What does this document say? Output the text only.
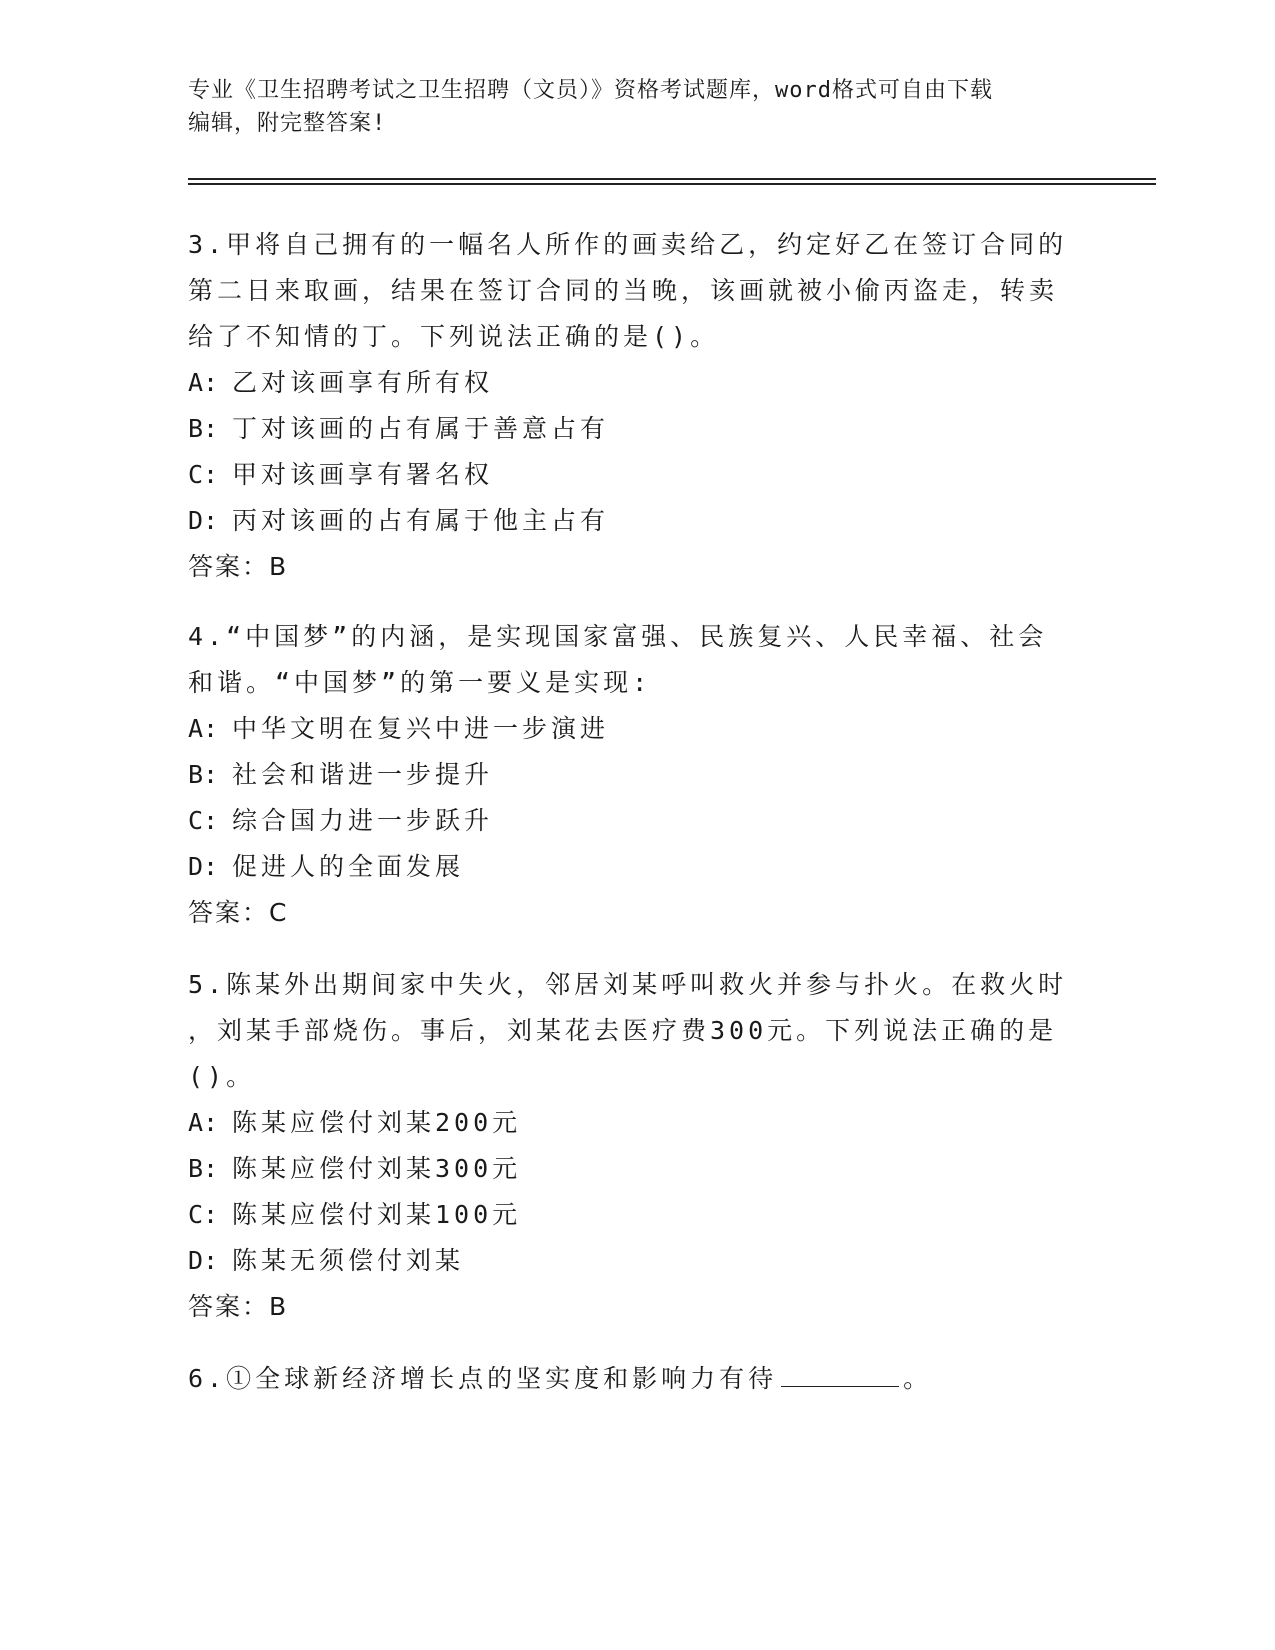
专业《卫生招聘考试之卫生招聘（文员）》资格考试题库，word格式可自由下载
编辑，附完整答案!

3.甲将自己拥有的一幅名人所作的画卖给乙，约定好乙在签订合同的

第二日来取画，结果在签订合同的当晚，该画就被小偷丙盗走，转卖

给了不知情的丁。下列说法正确的是()。

A: 乙对该画享有所有权

B: 丁对该画的占有属于善意占有

C: 甲对该画享有署名权

D: 丙对该画的占有属于他主占有

答案：B

4.“中国梦”的内涵，是实现国家富强、民族复兴、人民幸福、社会

和谐。“中国梦”的第一要义是实现:

A: 中华文明在复兴中进一步演进

B: 社会和谐进一步提升

C: 综合国力进一步跃升

D: 促进人的全面发展

答案：C

5.陈某外出期间家中失火，邻居刘某呼叫救火并参与扑火。在救火时

，刘某手部烧伤。事后，刘某花去医疗费300元。下列说法正确的是

()。

A: 陈某应偿付刘某200元

B: 陈某应偿付刘某300元

C: 陈某应偿付刘某100元

D: 陈某无须偿付刘某

答案：B

6.①全球新经济增长点的坚实度和影响力有待	。
